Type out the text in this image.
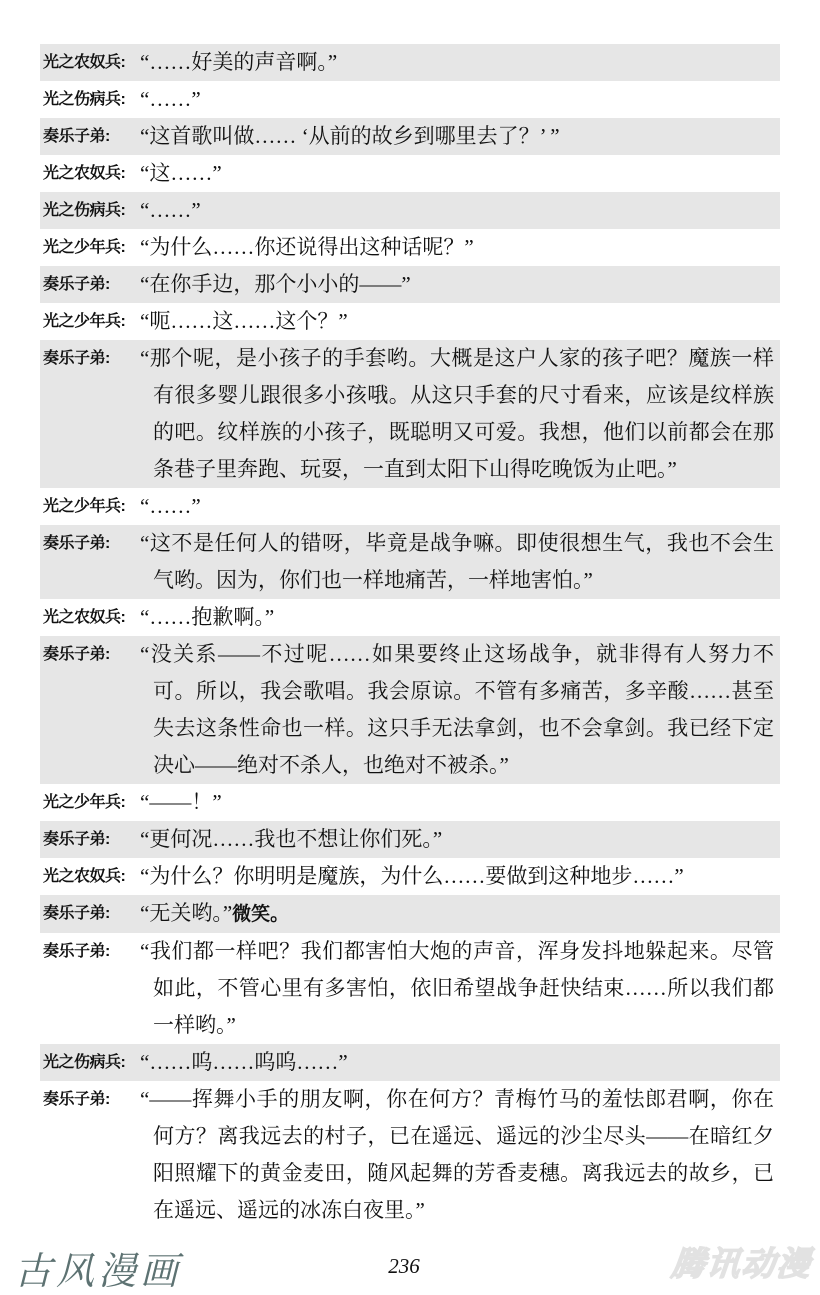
光之农奴兵: “……好美的声音啊。”
光之伤病兵: “……”
奏乐子弟:	“这首歌叫做…… ‘从前的故乡到哪里去了？’ ”
光之农奴兵: “这……”
光之伤病兵: “……”
光之少年兵: “为什么……你还说得出这种话呢？”
奏乐子弟:	“在你手边，那个小小的——”
光之少年兵: “呃……这……这个？”
奏乐子弟:	“那个呢，是小孩子的手套哟。大概是这户人家的孩子吧？魔族一样有很多婴儿跟很多小孩哦。从这只手套的尺寸看来，应该是纹样族的吧。纹样族的小孩子，既聪明又可爱。我想，他们以前都会在那条巷子里奔跑、玩耍，一直到太阳下山得吃晚饭为止吧。”
光之少年兵: “……”
奏乐子弟:	“这不是任何人的错呀，毕竟是战争嘛。即使很想生气，我也不会生气哟。因为，你们也一样地痛苦，一样地害怕。”
光之农奴兵: “……抱歉啊。”
奏乐子弟:	“没关系——不过呢……如果要终止这场战争，就非得有人努力不可。所以，我会歌唱。我会原谅。不管有多痛苦，多辛酸……甚至失去这条性命也一样。这只手无法拿剑，也不会拿剑。我已经下定决心——绝对不杀人，也绝对不被杀。”
光之少年兵: “——！”
奏乐子弟:	“更何况……我也不想让你们死。”
光之农奴兵: “为什么？你明明是魔族，为什么……要做到这种地步……”
奏乐子弟:	“无关哟。”微笑。
奏乐子弟:	“我们都一样吧？我们都害怕大炮的声音，浑身发抖地躲起来。尽管如此，不管心里有多害怕，依旧希望战争赶快结束……所以我们都一样哟。”
光之伤病兵: “……呜……呜呜……”
奏乐子弟:	“——挥舞小手的朋友啊，你在何方？青梅竹马的羞怯郎君啊，你在何方？离我远去的村子，已在遥远、遥远的沙尘尽头——在暗红夕阳照耀下的黄金麦田，随风起舞的芳香麦穗。离我远去的故乡，已在遥远、遥远的冰冻白夜里。”
古风漫画	236	腾讯动漫
